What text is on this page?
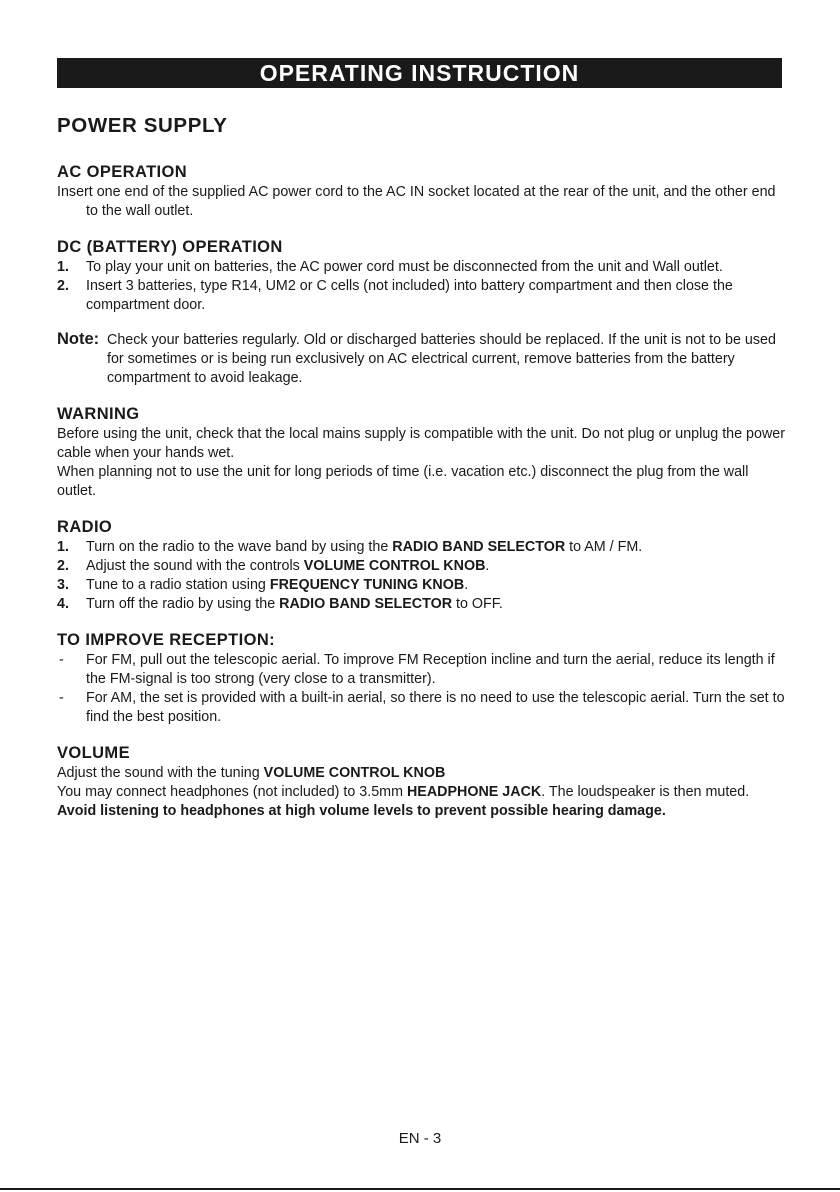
OPERATING INSTRUCTION
POWER SUPPLY
AC OPERATION

Insert one end of the supplied AC power cord to the AC IN socket located at the rear of the unit, and the other end to the wall outlet.

DC (BATTERY) OPERATION
1. To play your unit on batteries, the AC power cord must be disconnected from the unit and Wall outlet.
2. Insert 3 batteries, type R14, UM2 or C cells (not included) into battery compartment and then close the compartment door.
Note: Check your batteries regularly. Old or discharged batteries should be replaced. If the unit is not to be used for sometimes or is being run exclusively on AC electrical current, remove batteries from the battery compartment to avoid leakage.
WARNING

Before using the unit, check that the local mains supply is compatible with the unit. Do not plug or unplug the power cable when your hands wet.

When planning not to use the unit for long periods of time (i.e. vacation etc.) disconnect the plug from the wall outlet.

RADIO
1. Turn on the radio to the wave band by using the RADIO BAND SELECTOR to AM / FM.
2. Adjust the sound with the controls VOLUME CONTROL KNOB.
3. Tune to a radio station using FREQUENCY TUNING KNOB.
4. Turn off the radio by using the RADIO BAND SELECTOR to OFF.
TO IMPROVE RECEPTION:
- For FM, pull out the telescopic aerial. To improve FM Reception incline and turn the aerial, reduce its length if the FM-signal is too strong (very close to a transmitter).
- For AM, the set is provided with a built-in aerial, so there is no need to use the telescopic aerial. Turn the set to find the best position.
VOLUME

Adjust the sound with the tuning VOLUME CONTROL KNOB

You may connect headphones (not included) to 3.5mm HEADPHONE JACK. The loudspeaker is then muted.

Avoid listening to headphones at high volume levels to prevent possible hearing damage.

EN - 3
